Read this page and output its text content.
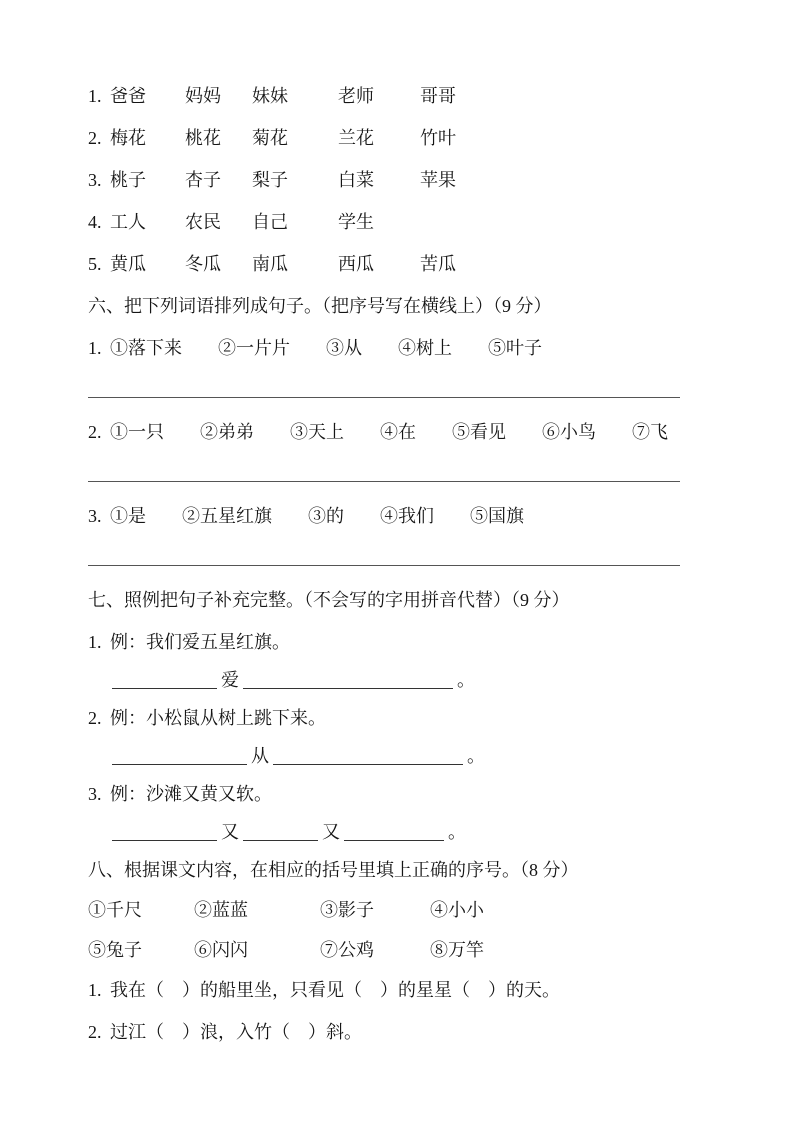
1. 爸爸	妈妈	妹妹	老师	哥哥
2. 梅花	桃花	菊花	兰花	竹叶
3. 桃子	杏子	梨子	白菜	苹果
4. 工人	农民	自己	学生
5. 黄瓜	冬瓜	南瓜	西瓜	苦瓜
六、把下列词语排列成句子。（把序号写在横线上）（9 分）
1. ①落下来 ②一片片 ③从 ④树上 ⑤叶子
2. ①一只 ②弟弟 ③天上 ④在 ⑤看见 ⑥小鸟 ⑦飞
3. ①是 ②五星红旗 ③的 ④我们 ⑤国旗
七、照例把句子补充完整。（不会写的字用拼音代替）（9 分）
1. 例：我们爱五星红旗。
爱	。
2. 例：小松鼠从树上跳下来。
从	。
3. 例：沙滩又黄又软。
又	又	。
八、根据课文内容，在相应的括号里填上正确的序号。（8 分）
①千尺	②蓝蓝	③影子	④小小
⑤兔子	⑥闪闪	⑦公鸡	⑧万竿
1. 我在（　）的船里坐，只看见（　）的星星（　）的天。
2. 过江（　）浪，入竹（　）斜。
